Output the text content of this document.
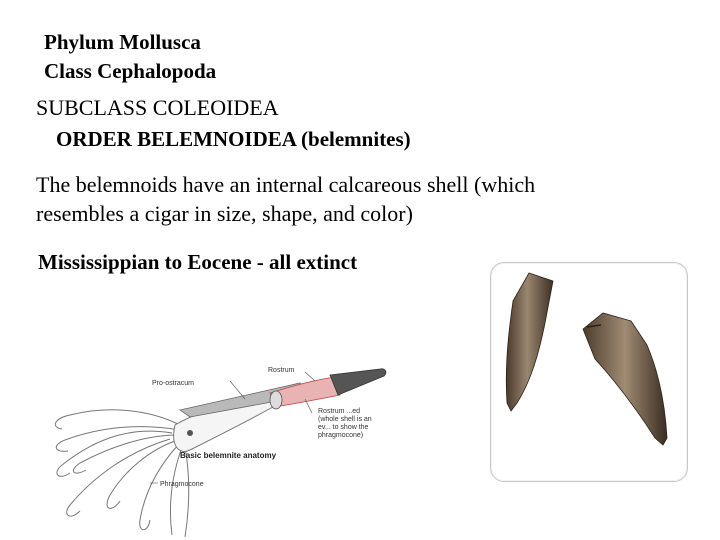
Phylum Mollusca
Class Cephalopoda
SUBCLASS COLEOIDEA
ORDER BELEMNOIDEA (belemnites)
The belemnoids have an internal calcareous shell (which
resembles a cigar in size, shape, and color)
Mississippian to Eocene - all extinct
Pro-ostracum
Rostrum
Rostrum ...ed
(whole shell is an
ev... to show the
phragmocone)
Basic belemnite anatomy
Phragmocone
